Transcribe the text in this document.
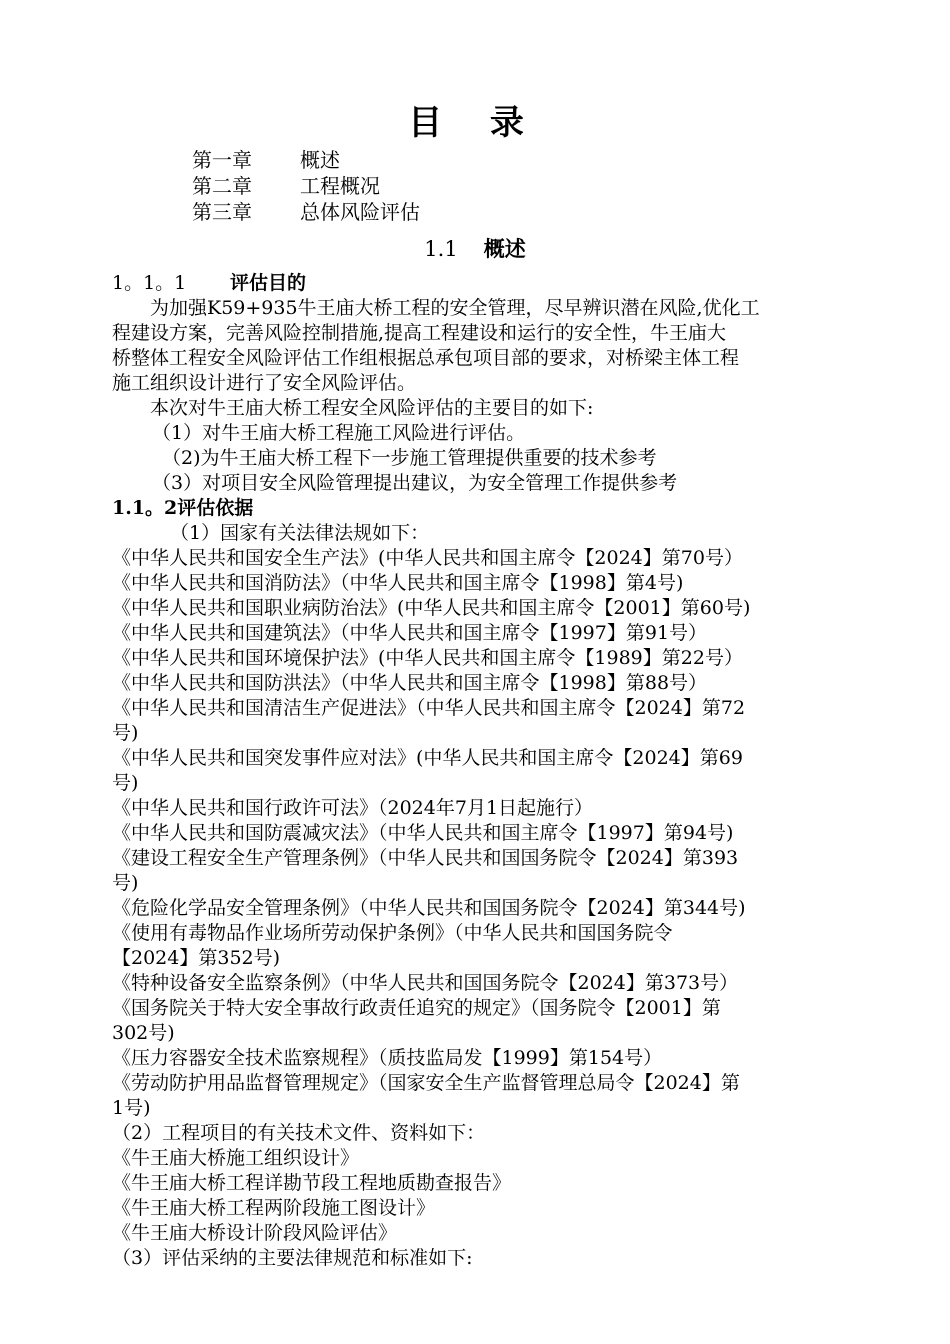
目 录
第一章 概述
第二章 工程概况
第三章 总体风险评估
1.1 概述

1。1。1 评估目的

为加强K59+935牛王庙大桥工程的安全管理，尽早辨识潜在风险,优化工

程建设方案，完善风险控制措施,提高工程建设和运行的安全性，牛王庙大

桥整体工程安全风险评估工作组根据总承包项目部的要求，对桥梁主体工程

施工组织设计进行了安全风险评估。

本次对牛王庙大桥工程安全风险评估的主要目的如下:

（1）对牛王庙大桥工程施工风险进行评估。

（2)为牛王庙大桥工程下一步施工管理提供重要的技术参考

（3）对项目安全风险管理提出建议，为安全管理工作提供参考

1.1。2评估依据

（1）国家有关法律法规如下：

《中华人民共和国安全生产法》(中华人民共和国主席令【2024】第70号）

《中华人民共和国消防法》（中华人民共和国主席令【1998】第4号)

《中华人民共和国职业病防治法》(中华人民共和国主席令【2001】第60号)

《中华人民共和国建筑法》（中华人民共和国主席令【1997】第91号）

《中华人民共和国环境保护法》(中华人民共和国主席令【1989】第22号）

《中华人民共和国防洪法》（中华人民共和国主席令【1998】第88号）

《中华人民共和国清洁生产促进法》（中华人民共和国主席令【2024】第72

号)

《中华人民共和国突发事件应对法》(中华人民共和国主席令【2024】第69

号)

《中华人民共和国行政许可法》（2024年7月1日起施行）

《中华人民共和国防震减灾法》（中华人民共和国主席令【1997】第94号)

《建设工程安全生产管理条例》（中华人民共和国国务院令【2024】第393

号)

《危险化学品安全管理条例》（中华人民共和国国务院令【2024】第344号)

《使用有毒物品作业场所劳动保护条例》（中华人民共和国国务院令

【2024】第352号)

《特种设备安全监察条例》（中华人民共和国国务院令【2024】第373号）

《国务院关于特大安全事故行政责任追究的规定》（国务院令【2001】第

302号)

《压力容器安全技术监察规程》（质技监局发【1999】第154号）

《劳动防护用品监督管理规定》（国家安全生产监督管理总局令【2024】第

1号)

（2）工程项目的有关技术文件、资料如下：

《牛王庙大桥施工组织设计》

《牛王庙大桥工程详勘节段工程地质勘查报告》

《牛王庙大桥工程两阶段施工图设计》

《牛王庙大桥设计阶段风险评估》

（3）评估采纳的主要法律规范和标准如下:
